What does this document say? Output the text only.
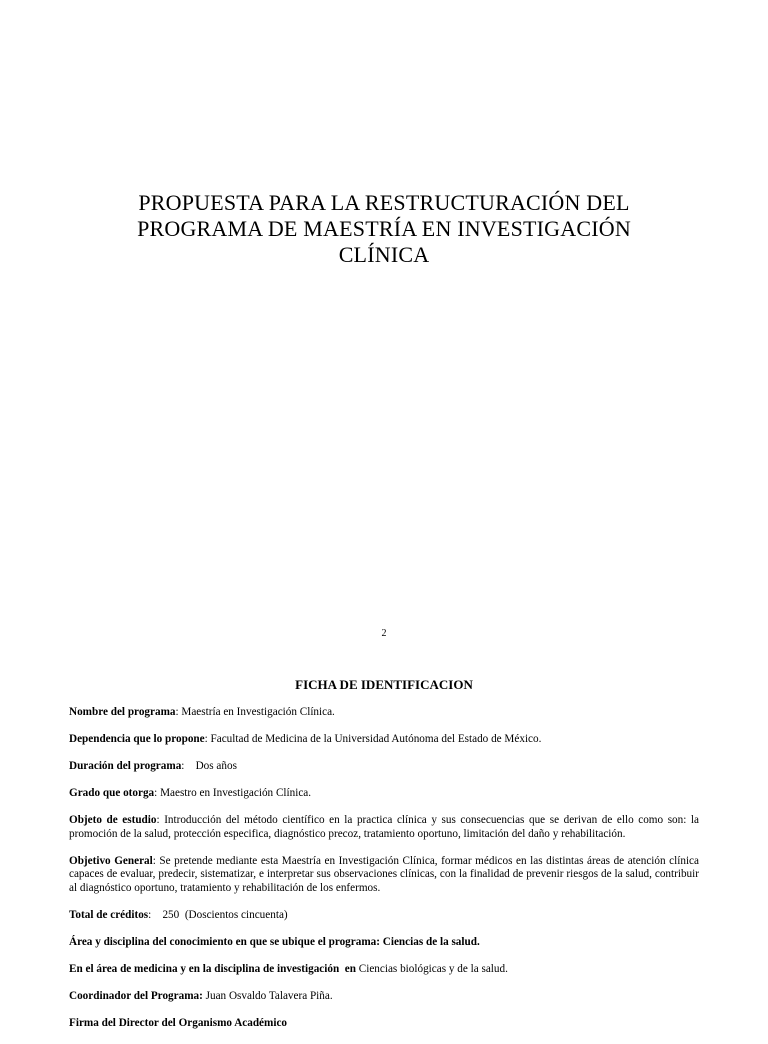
PROPUESTA PARA LA RESTRUCTURACIÓN DEL
PROGRAMA DE MAESTRÍA EN INVESTIGACIÓN
CLÍNICA
2
FICHA DE IDENTIFICACION

Nombre del programa: Maestría en Investigación Clínica.

Dependencia que lo propone: Facultad de Medicina de la Universidad Autónoma del Estado de México.

Duración del programa:    Dos años

Grado que otorga: Maestro en Investigación Clínica.

Objeto de estudio: Introducción del método científico en la practica clínica y sus consecuencias que se derivan de ello como son: la promoción de la salud, protección especifica, diagnóstico precoz, tratamiento oportuno, limitación del daño y rehabilitación.

Objetivo General: Se pretende mediante esta Maestría en Investigación Clínica, formar médicos en las distintas áreas de atención clínica capaces de evaluar, predecir, sistematizar, e interpretar sus observaciones clínicas, con la finalidad de prevenir riesgos de la salud, contribuir al diagnóstico oportuno, tratamiento y rehabilitación de los enfermos.

Total de créditos:    250  (Doscientos cincuenta)

Área y disciplina del conocimiento en que se ubique el programa: Ciencias de la salud.

En el área de medicina y en la disciplina de investigación  en Ciencias biológicas y de la salud.

Coordinador del Programa: Juan Osvaldo Talavera Piña.

Firma del Director del Organismo Académico
